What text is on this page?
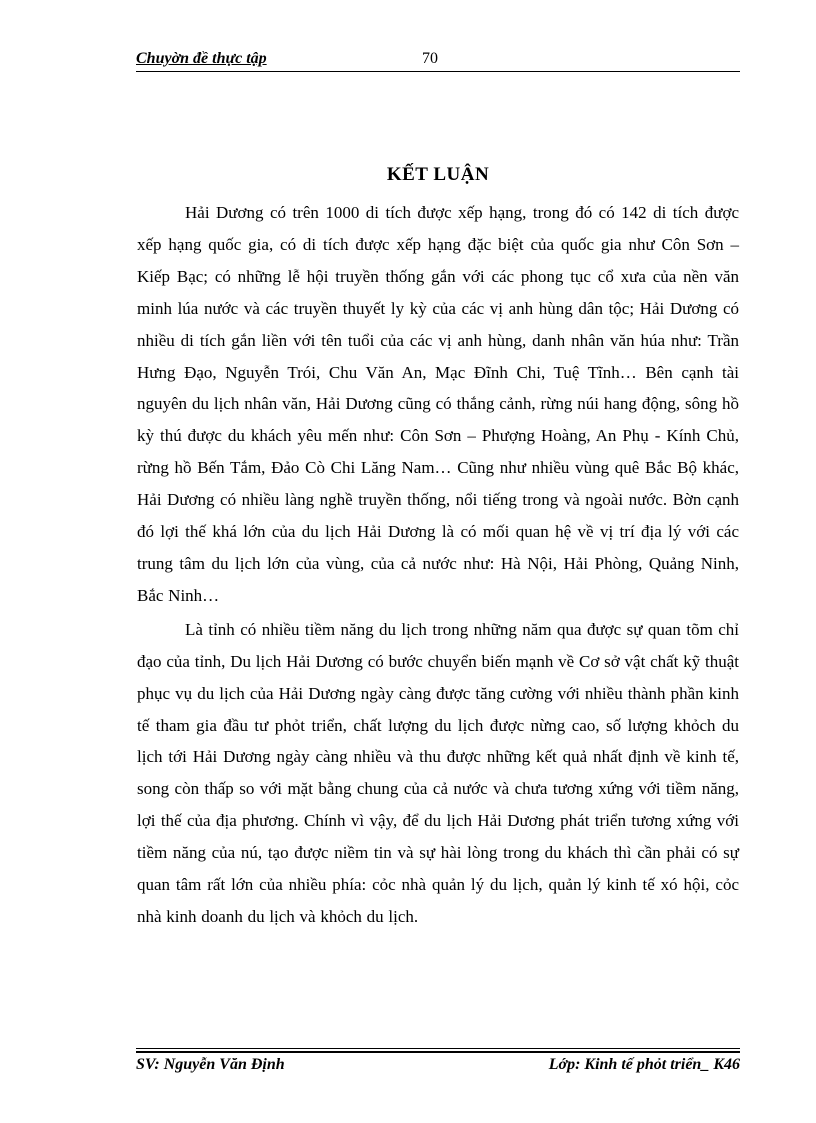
Chuyờn đề thực tập	70
KẾT LUẬN

Hải Dương có trên 1000 di tích được xếp hạng, trong đó có 142 di tích được xếp hạng quốc gia, có di tích được xếp hạng đặc biệt của quốc gia như Côn Sơn – Kiếp Bạc; có những lễ hội truyền thống gắn với các phong tục cổ xưa của nền văn minh lúa nước và các truyền thuyết ly kỳ của các vị anh hùng dân tộc; Hải Dương có nhiều di tích gắn liền với tên tuổi của các vị anh hùng, danh nhân văn húa như: Trần Hưng Đạo, Nguyễn Trói, Chu Văn An, Mạc Đĩnh Chi, Tuệ Tĩnh… Bên cạnh tài nguyên du lịch nhân văn, Hải Dương cũng có thắng cảnh, rừng núi hang động, sông hồ kỳ thú được du khách yêu mến như: Côn Sơn – Phượng Hoàng, An Phụ - Kính Chủ, rừng hồ Bến Tắm, Đảo Cò Chi Lăng Nam… Cũng như nhiều vùng quê Bắc Bộ khác, Hải Dương có nhiều làng nghề truyền thống, nổi tiếng trong và ngoài nước. Bờn cạnh đó lợi thế khá lớn của du lịch Hải Dương là có mối quan hệ về vị trí địa lý với các trung tâm du lịch lớn của vùng, của cả nước như: Hà Nội, Hải Phòng, Quảng Ninh, Bắc Ninh…

Là tỉnh có nhiều tiềm năng du lịch trong những năm qua được sự quan tõm chỉ đạo của tỉnh, Du lịch Hải Dương có bước chuyển biến mạnh về Cơ sở vật chất kỹ thuật phục vụ du lịch của Hải Dương ngày càng được tăng cường với nhiều thành phần kinh tế tham gia đầu tư phỏt triển, chất lượng du lịch được nừng cao, số lượng khỏch du lịch tới Hải Dương ngày càng nhiều và thu được những kết quả nhất định về kinh tế, song còn thấp so với mặt bằng chung của cả nước và chưa tương xứng với tiềm năng, lợi thế của địa phương. Chính vì vậy, để du lịch Hải Dương phát triển tương xứng với tiềm năng của nú, tạo được niềm tin và sự hài lòng trong du khách thì cần phải có sự quan tâm rất lớn của nhiều phía: cỏc nhà quản lý du lịch, quản lý kinh tế xó hội, cỏc nhà kinh doanh du lịch và khỏch du lịch.

SV: Nguyễn Văn Định	Lớp: Kinh tế phỏt triển_ K46
